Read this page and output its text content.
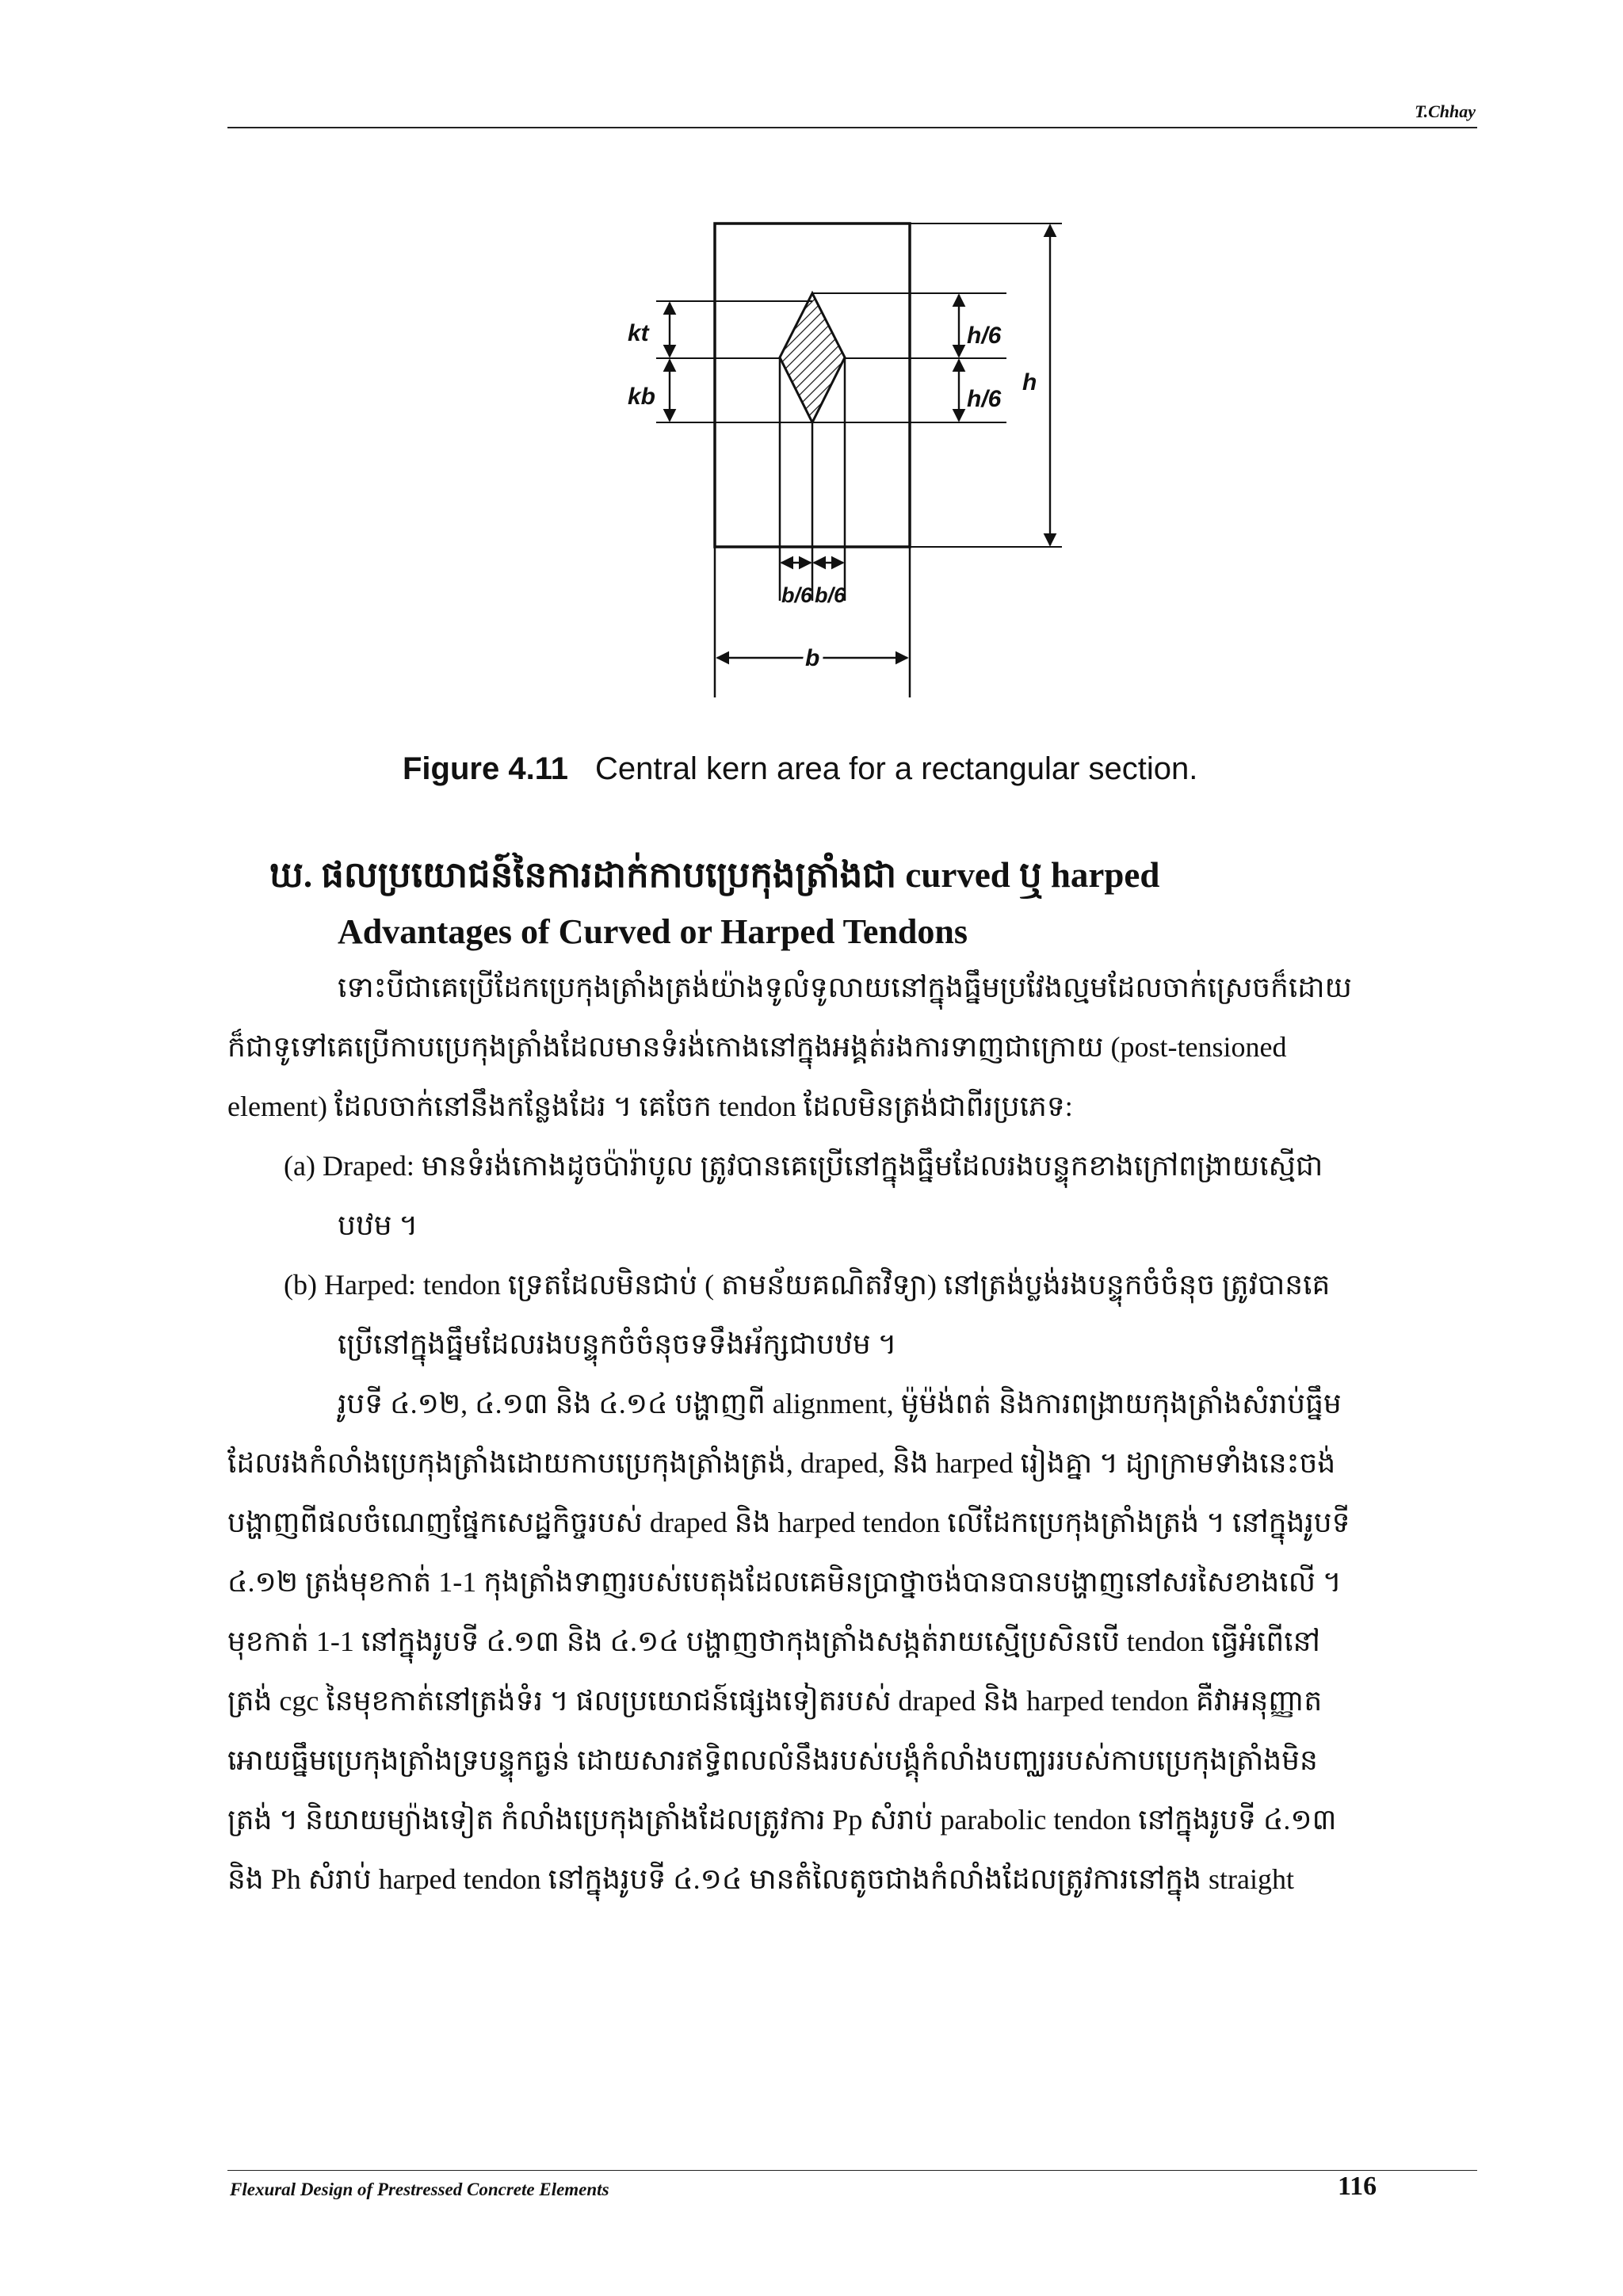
T.Chhay
kt
kb
h/6
h/6
h
b/6 b/6
b
Figure 4.11 Central kern area for a rectangular section.
ឃ. ផលប្រយោជន៍នៃការដាក់កាបប្រេកុងត្រាំងជា curved ឬ harped
Advantages of Curved or Harped Tendons
ទោះបីជាគេប្រើដែកប្រេកុងត្រាំងត្រង់យ៉ាងទូលំទូលាយនៅក្នុងធ្នឹមប្រវែងល្មមដែលចាក់ស្រេចក៏ដោយ
ក៏ជាទូទៅគេប្រើកាបប្រេកុងត្រាំងដែលមានទំរង់កោងនៅក្នុងអង្គត់រងការទាញជាក្រោយ (post-tensioned
element) ដែលចាក់នៅនឹងកន្លែងដែរ ។ គេចែក tendon ដែលមិនត្រង់ជាពីរប្រភេទ:
(a) Draped: មានទំរង់កោងដូចប៉ារ៉ាបូល ត្រូវបានគេប្រើនៅក្នុងធ្នឹមដែលរងបន្ទុកខាងក្រៅពង្រាយស្មើជា
បឋម ។
(b) Harped: tendon ទ្រេតដែលមិនជាប់ ( តាមន័យគណិតវិទ្យា) នៅត្រង់ប្លង់រងបន្ទុកចំចំនុច ត្រូវបានគេ
ប្រើនៅក្នុងធ្នឹមដែលរងបន្ទុកចំចំនុចទទឹងអ័ក្សជាបឋម ។
រូបទី ៤.១២, ៤.១៣ និង ៤.១៤ បង្ហាញពី alignment, ម៉ូម៉ង់ពត់ និងការពង្រាយកុងត្រាំងសំរាប់ធ្នឹម
ដែលរងកំលាំងប្រេកុងត្រាំងដោយកាបប្រេកុងត្រាំងត្រង់, draped, និង harped រៀងគ្នា ។ ដ្យាក្រាមទាំងនេះចង់
បង្ហាញពីផលចំណេញផ្នែកសេដ្ឋកិច្ចរបស់ draped និង harped tendon លើដែកប្រេកុងត្រាំងត្រង់ ។ នៅក្នុងរូបទី
៤.១២ ត្រង់មុខកាត់ 1-1 កុងត្រាំងទាញរបស់បេតុងដែលគេមិនប្រាថ្នាចង់បានបានបង្ហាញនៅសរសៃខាងលើ ។
មុខកាត់ 1-1 នៅក្នុងរូបទី ៤.១៣ និង ៤.១៤ បង្ហាញថាកុងត្រាំងសង្កត់រាយស្មើប្រសិនបើ tendon ធ្វើអំពើនៅ
ត្រង់ cgc នៃមុខកាត់នៅត្រង់ទំរ ។ ផលប្រយោជន៍ផ្សេងទៀតរបស់ draped និង harped tendon គឺវាអនុញ្ញាត
អោយធ្នឹមប្រេកុងត្រាំងទ្របន្ទុកធ្ងន់ ដោយសារឥទ្ធិពលលំនឹងរបស់បង្គុំកំលាំងបញ្ឈររបស់កាបប្រេកុងត្រាំងមិន
ត្រង់ ។ និយាយម្យ៉ាងទៀត កំលាំងប្រេកុងត្រាំងដែលត្រូវការ Pp សំរាប់ parabolic tendon នៅក្នុងរូបទី ៤.១៣
និង Ph សំរាប់ harped tendon នៅក្នុងរូបទី ៤.១៤ មានតំលៃតូចជាងកំលាំងដែលត្រូវការនៅក្នុង straight
Flexural Design of Prestressed Concrete Elements	116
